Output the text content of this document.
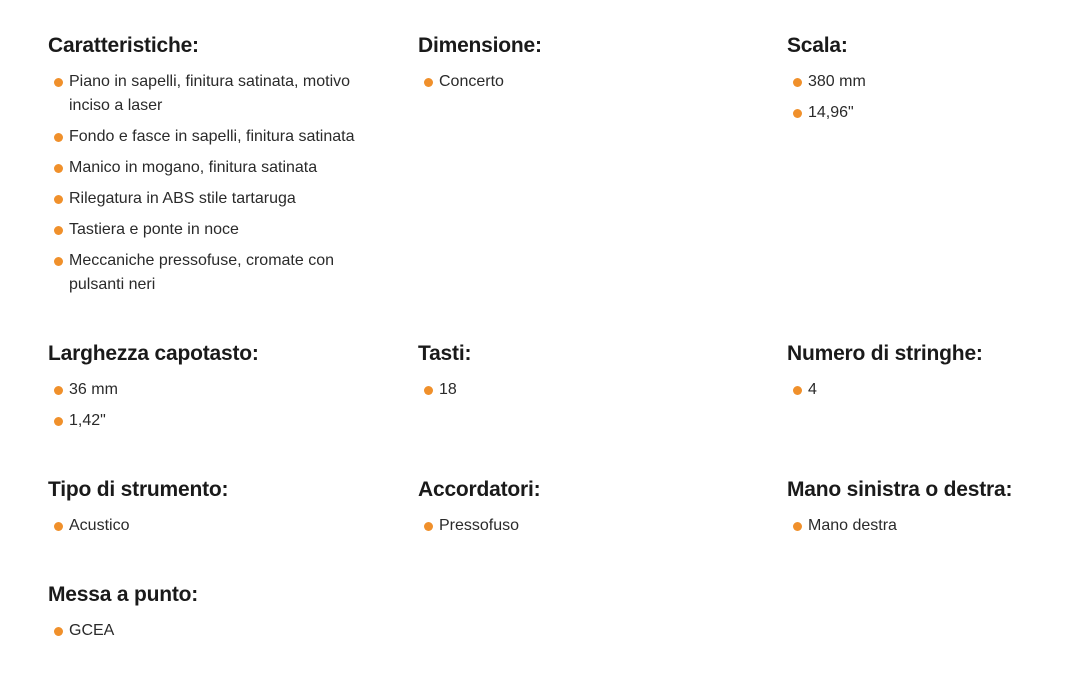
Caratteristiche:
Piano in sapelli, finitura satinata, motivo inciso a laser
Fondo e fasce in sapelli, finitura satinata
Manico in mogano, finitura satinata
Rilegatura in ABS stile tartaruga
Tastiera e ponte in noce
Meccaniche pressofuse, cromate con pulsanti neri
Dimensione:
Concerto
Scala:
380 mm
14,96"
Larghezza capotasto:
36 mm
1,42"
Tasti:
18
Numero di stringhe:
4
Tipo di strumento:
Acustico
Accordatori:
Pressofuso
Mano sinistra o destra:
Mano destra
Messa a punto:
GCEA
